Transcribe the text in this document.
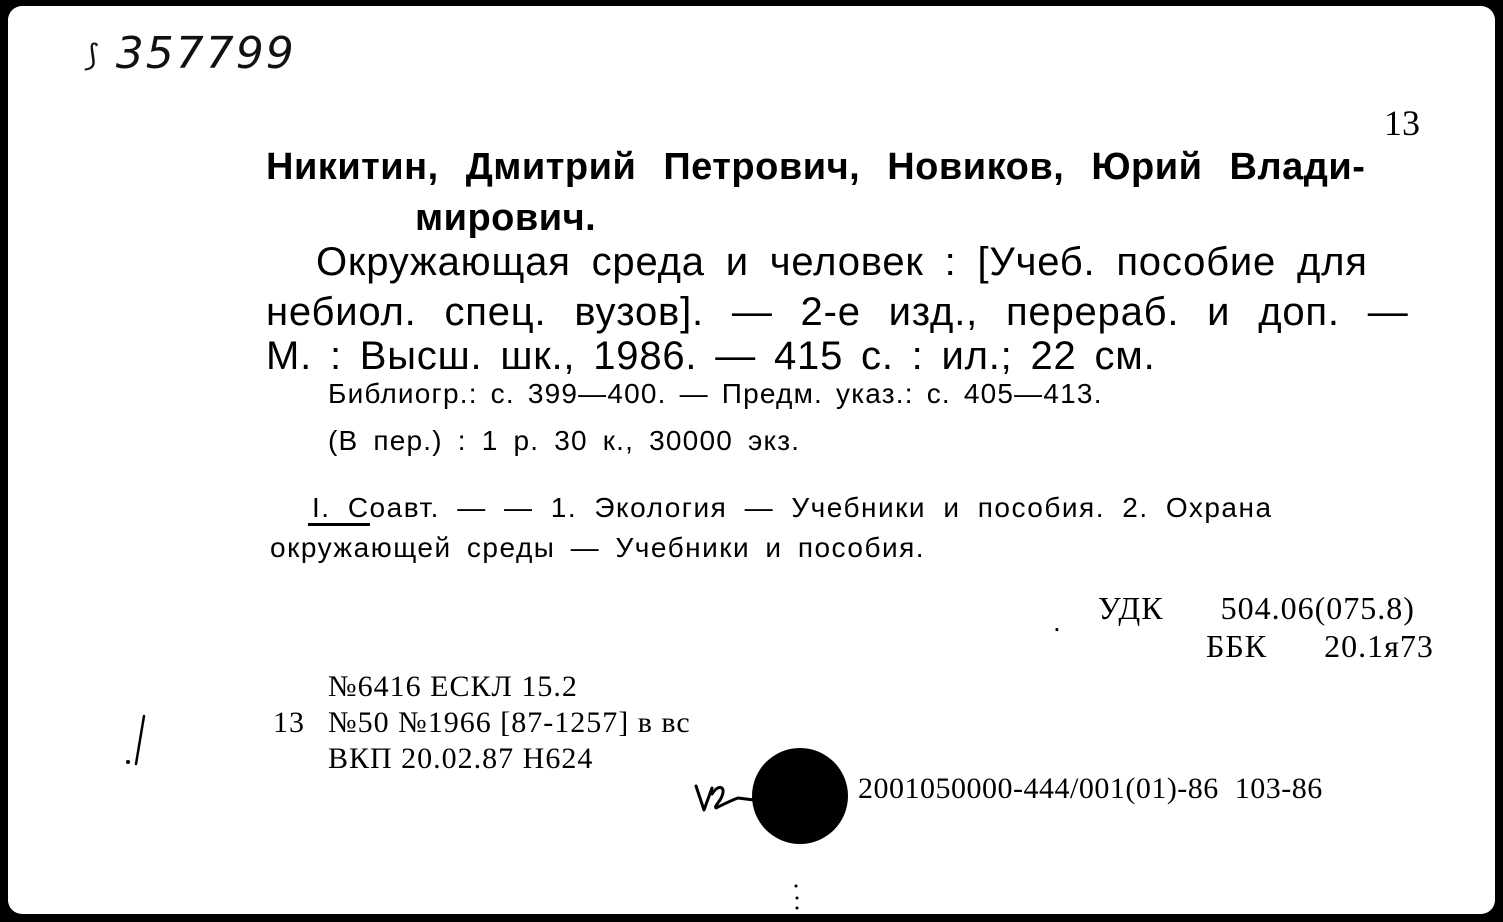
⟆ 357799
13
Никитин, Дмитрий Петрович, Новиков, Юрий Влади-
мирович.
Окружающая среда и человек : [Учеб. пособие для
небиол. спец. вузов]. — 2-е изд., перераб. и доп. —
М. : Высш. шк., 1986. — 415 с. : ил.; 22 см.
Библиогр.: с. 399—400. — Предм. указ.: с. 405—413.
(В пер.) : 1 р. 30 к., 30000 экз.
I. Соавт. — — 1. Экология — Учебники и пособия. 2. Охрана
окружающей среды — Учебники и пособия.
. УДК   504.06(075.8)
ББК   20.1я73
№6416 ЕСКЛ 15.2
13 №50 №1966 [87-1257] в вс
ВКП 20.02.87 Н624
2001050000-444/001(01)-86  103-86
